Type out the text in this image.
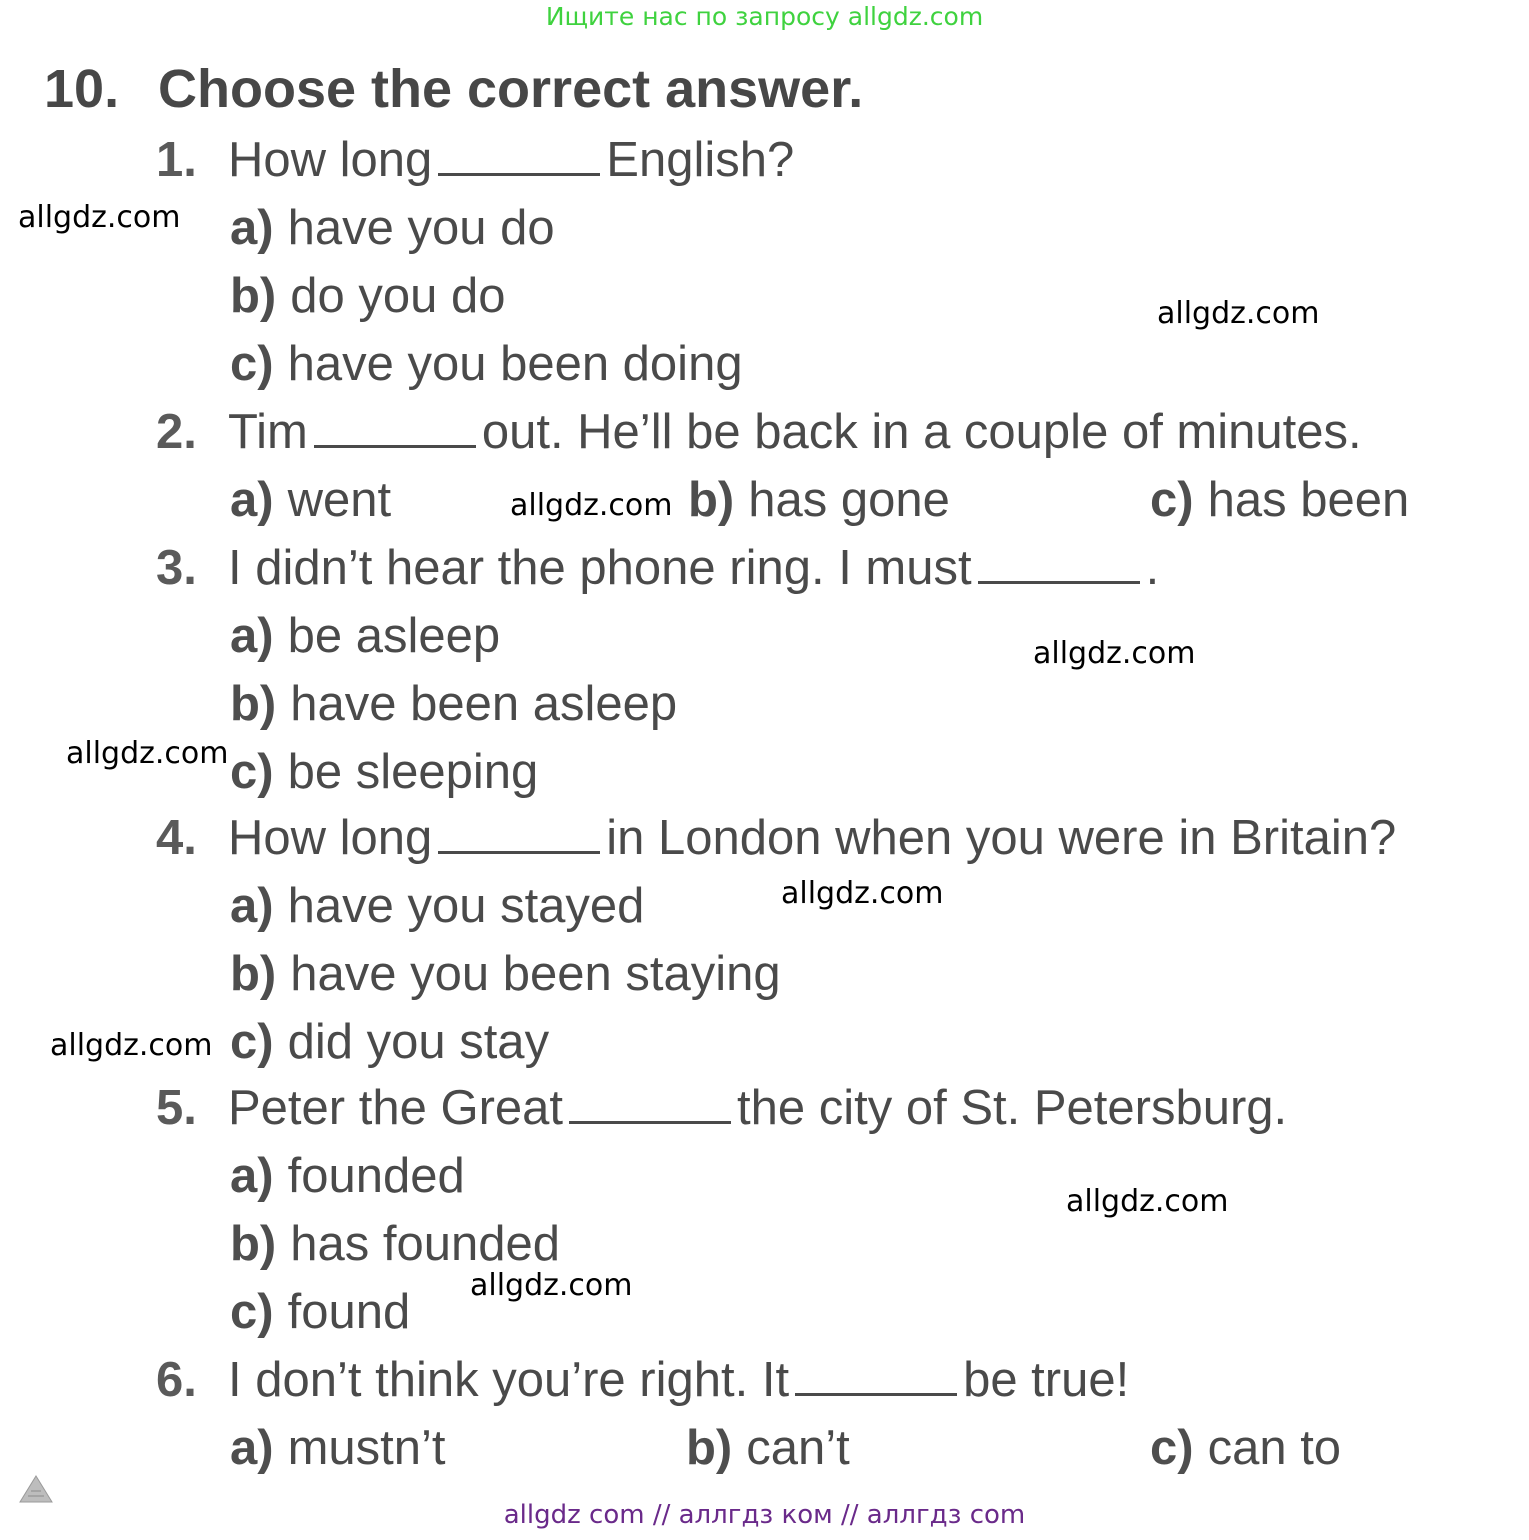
Ищите нас по запросу allgdz.com
10. Choose the correct answer.
1. How long	English?
a) have you do
b) do you do
c) have you been doing
2. Tim	out. He’ll be back in a couple of minutes.
a) went	b) has gone	c) has been
3. I didn’t hear the phone ring. I must	.
a) be asleep
b) have been asleep
c) be sleeping
4. How long	in London when you were in Britain?
a) have you stayed
b) have you been staying
c) did you stay
5. Peter the Great	the city of St. Petersburg.
a) founded
b) has founded
c) found
6. I don’t think you’re right. It	be true!
a) mustn’t	b) can’t	c) can to
allgdz.com
allgdz.com
allgdz.com
allgdz.com
allgdz.com
allgdz.com
allgdz.com
allgdz.com
allgdz.com
allgdz com // аллгдз ком // аллгдз com
